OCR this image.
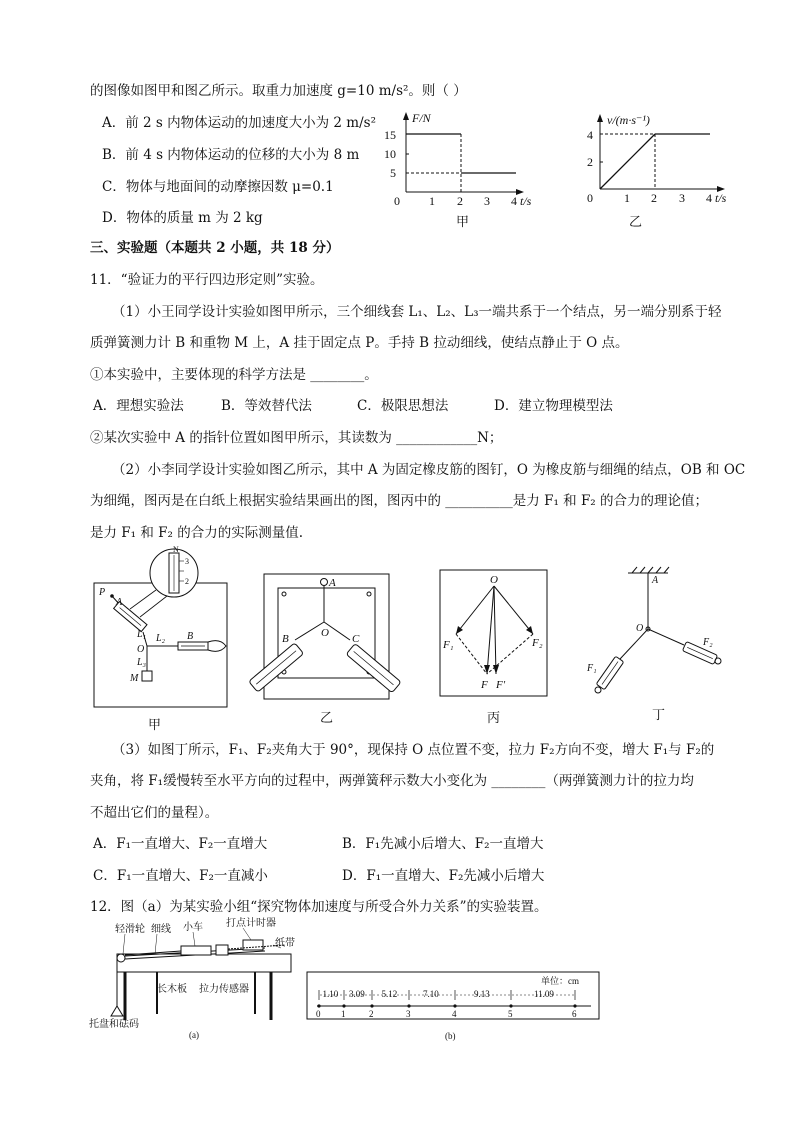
的图像如图甲和图乙所示。取重力加速度 g=10 m/s²。则（ ）
A．前 2 s 内物体运动的加速度大小为 2 m/s²
B．前 4 s 内物体运动的位移的大小为 8 m
C．物体与地面间的动摩擦因数 μ=0.1
D．物体的质量 m 为 2 kg
F/N
15
10
5
0 1 2 3 4 t/s
甲
v/(m·s⁻¹)
4
2
0	1 2 3 4 t/s
乙
三、实验题（本题共 2 小题，共 18 分）
11．“验证力的平行四边形定则”实验。
（1）小王同学设计实验如图甲所示，三个细线套 L₁、L₂、L₃一端共系于一个结点，另一端分别系于轻
质弹簧测力计 B 和重物 M 上，A 挂于固定点 P。手持 B 拉动细线，使结点静止于 O 点。
①本实验中，主要体现的科学方法是 ________。
A．理想实验法	B．等效替代法	C．极限思想法	D．建立物理模型法
②某次实验中 A 的指针位置如图甲所示，其读数为 ____________N；
（2）小李同学设计实验如图乙所示，其中 A 为固定橡皮筋的图钉，O 为橡皮筋与细绳的结点，OB 和 OC
为细绳，图丙是在白纸上根据实验结果画出的图，图丙中的 __________是力 F₁ 和 F₂ 的合力的理论值；
是力 F₁ 和 F₂ 的合力的实际测量值.
P
A
L₁ L₂ B
O
L₃
M
N
3
2
甲
A
O
B	C
乙
O
F₁	F₂
F F′
丙
A
O
F₂
F₁
丁
（3）如图丁所示，F₁、F₂夹角大于 90°，现保持 O 点位置不变，拉力 F₂方向不变，增大 F₁与 F₂的
夹角，将 F₁缓慢转至水平方向的过程中，两弹簧秤示数大小变化为 ________（两弹簧测力计的拉力均
不超出它们的量程）。
A．F₁一直增大、F₂一直增大	B．F₁先减小后增大、F₂一直增大
C．F₁一直增大、F₂一直减小	D．F₁一直增大、F₂先减小后增大
12．图（a）为某实验小组“探究物体加速度与所受合外力关系”的实验装置。
轻滑轮 细线 小车 打点计时器
纸带
长木板 拉力传感器
托盘和砝码
(a)
0 1	2	3	4	5	6
1.10 3.09 5.12	7.10	9.13	11.09
单位：cm
(b)
